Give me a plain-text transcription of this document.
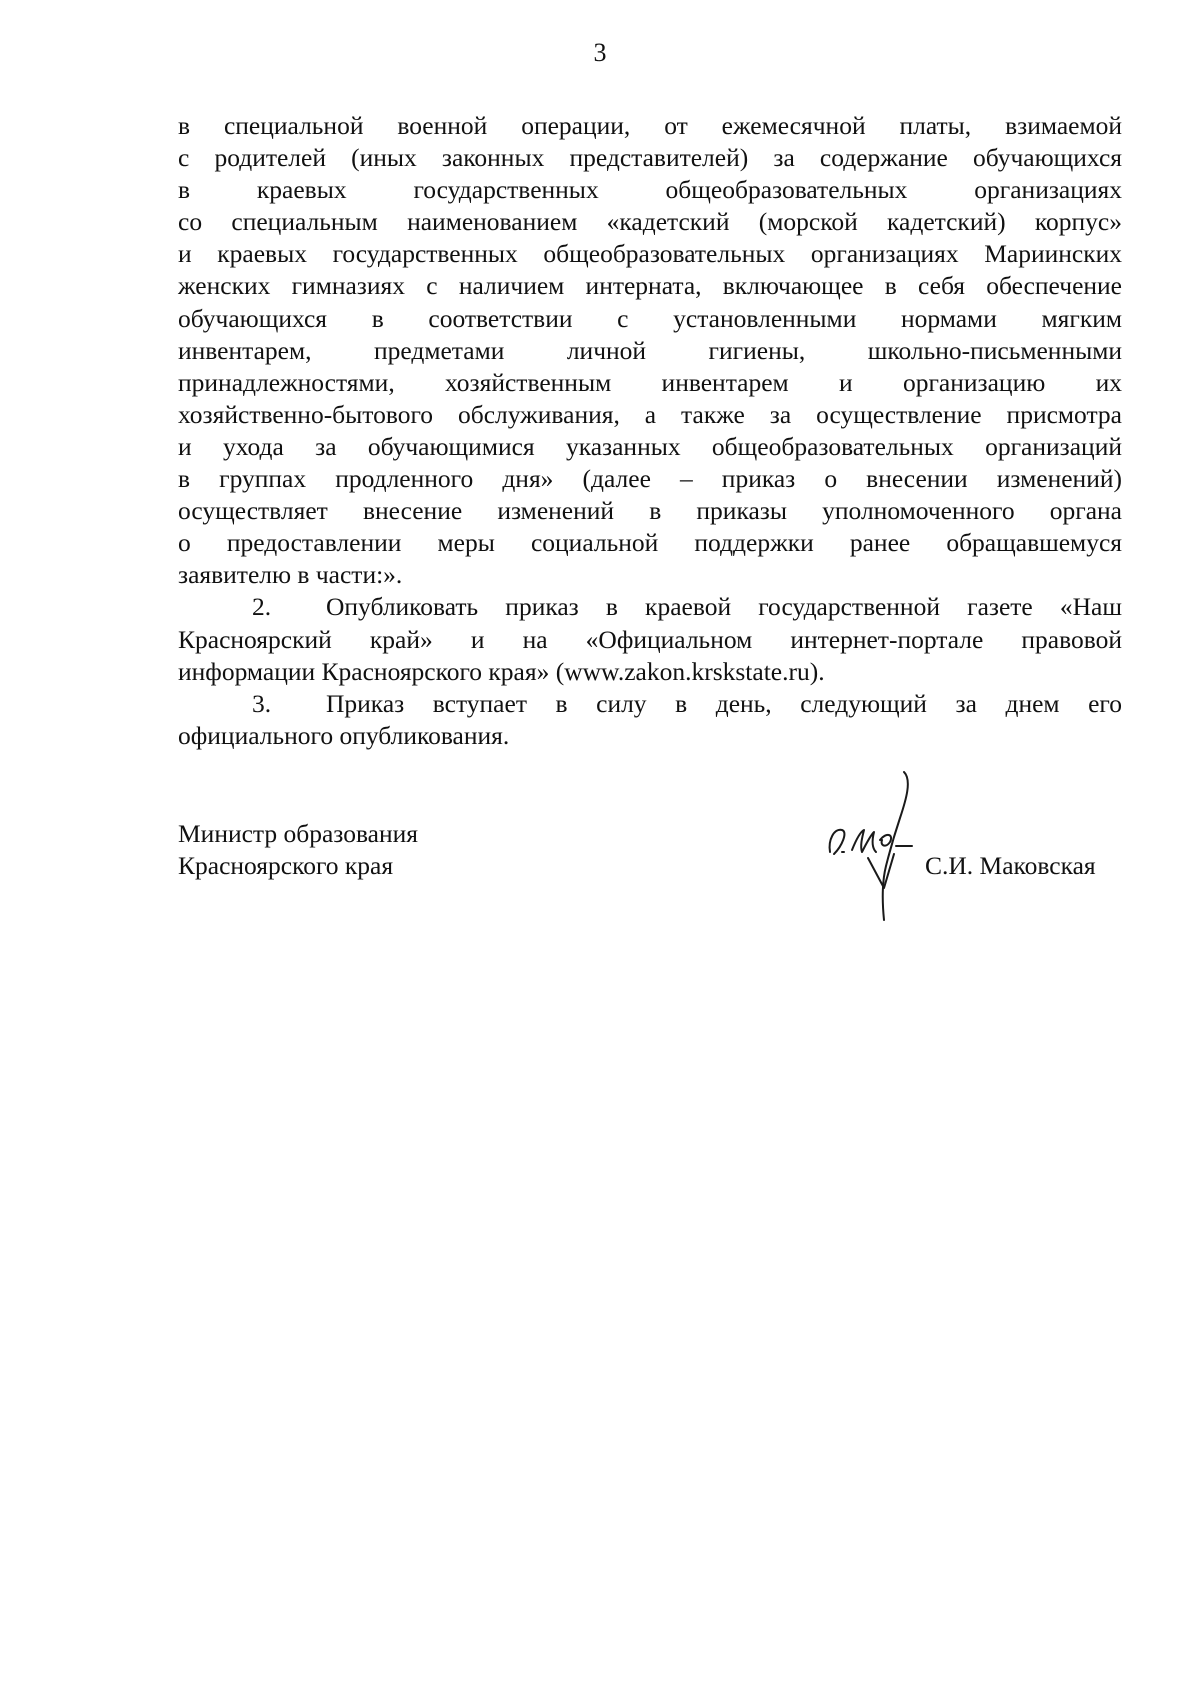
3
в специальной военной операции, от ежемесячной платы, взимаемой
с родителей (иных законных представителей) за содержание обучающихся
в краевых государственных общеобразовательных организациях
со специальным наименованием «кадетский (морской кадетский) корпус»
и краевых государственных общеобразовательных организациях Мариинских
женских гимназиях с наличием интерната, включающее в себя обеспечение
обучающихся в соответствии с установленными нормами мягким
инвентарем, предметами личной гигиены, школьно-письменными
принадлежностями, хозяйственным инвентарем и организацию их
хозяйственно-бытового обслуживания, а также за осуществление присмотра
и ухода за обучающимися указанных общеобразовательных организаций
в группах продленного дня» (далее – приказ о внесении изменений)
осуществляет внесение изменений в приказы уполномоченного органа
о предоставлении меры социальной поддержки ранее обращавшемуся
заявителю в части:».
2. Опубликовать приказ в краевой государственной газете «Наш
Красноярский край» и на «Официальном интернет-портале правовой
информации Красноярского края» (www.zakon.krskstate.ru).
3. Приказ вступает в силу в день, следующий за днем его
официального опубликования.
Министр образования
Красноярского края	С.И. Маковская
